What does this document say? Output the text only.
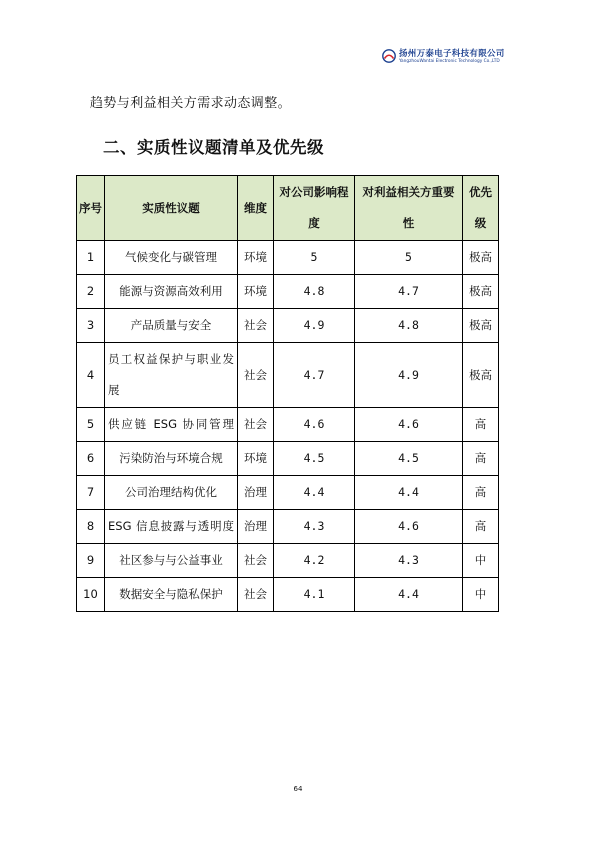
扬州万泰电子科技有限公司
YangzhouWantai Electronic Technology Co.,LTD
趋势与利益相关方需求动态调整。
二、实质性议题清单及优先级
序号	实质性议题	维度	对公司影响程度	对利益相关方重要性	优先级
1	气候变化与碳管理	环境	5	5	极高
2	能源与资源高效利用	环境	4.8	4.7	极高
3	产品质量与安全	社会	4.9	4.8	极高
4	员工权益保护与职业发展	社会	4.7	4.9	极高
5	供应链 ESG 协同管理	社会	4.6	4.6	高
6	污染防治与环境合规	环境	4.5	4.5	高
7	公司治理结构优化	治理	4.4	4.4	高
8	ESG 信息披露与透明度	治理	4.3	4.6	高
9	社区参与与公益事业	社会	4.2	4.3	中
10	数据安全与隐私保护	社会	4.1	4.4	中
64
